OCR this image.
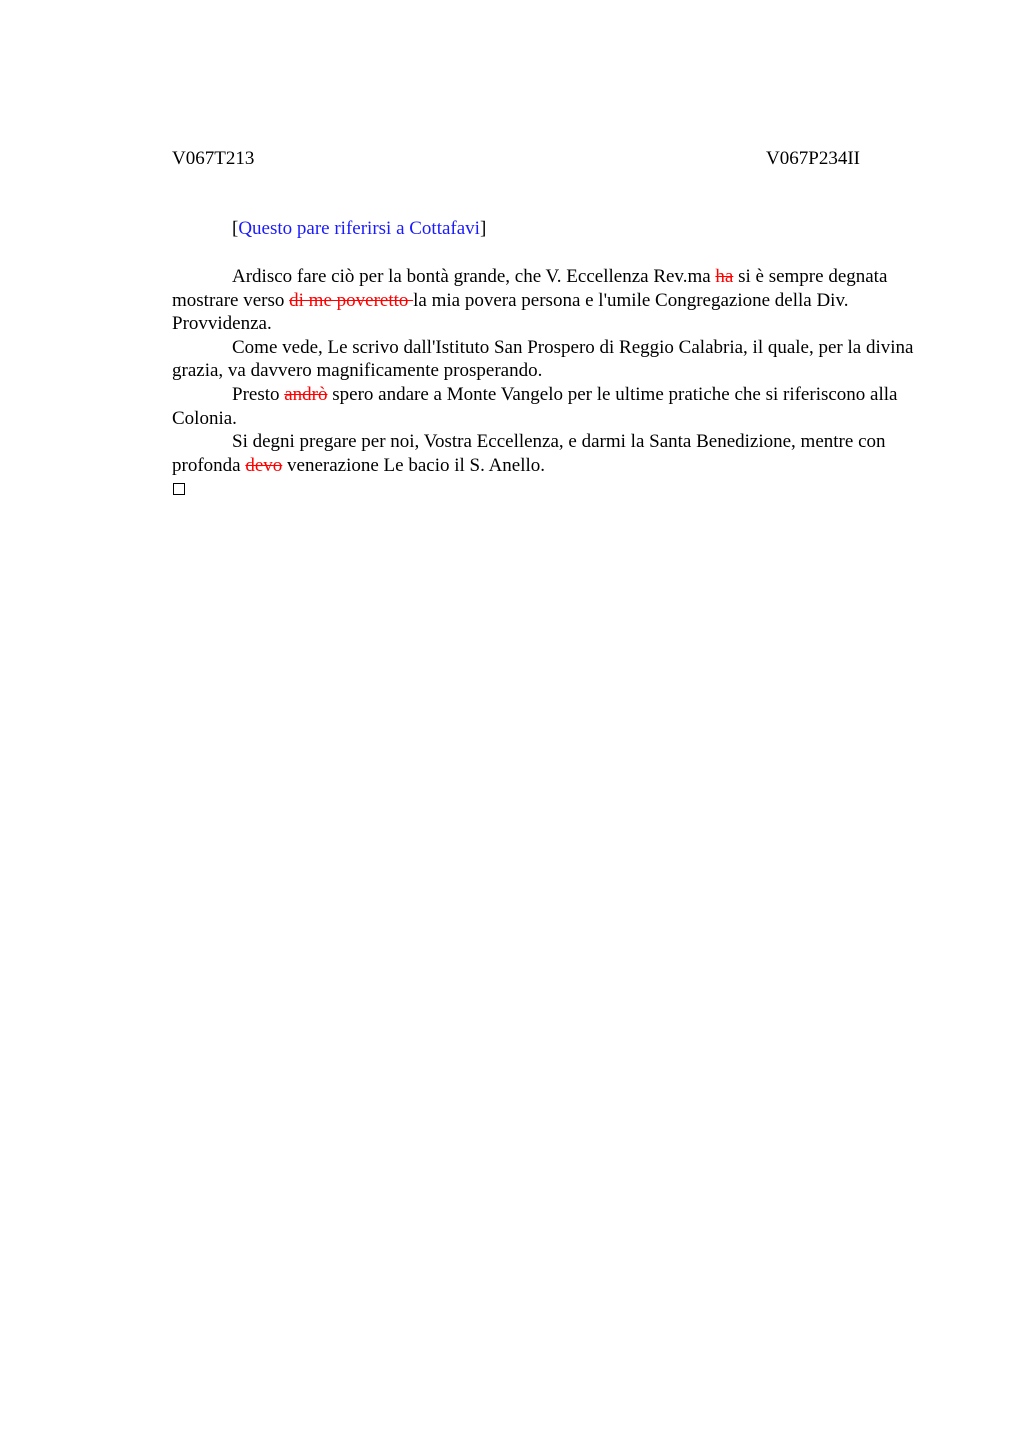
V067T213	V067P234II
[Questo pare riferirsi a Cottafavi]

Ardisco fare ciò per la bontà grande, che V. Eccellenza Rev.ma ha si è sempre degnata mostrare verso di me poveretto la mia povera persona e l'umile Congregazione della Div. Provvidenza.

Come vede, Le scrivo dall'Istituto San Prospero di Reggio Calabria, il quale, per la divina grazia, va davvero magnificamente prosperando.

Presto andrò spero andare a Monte Vangelo per le ultime pratiche che si riferiscono alla Colonia.

Si degni pregare per noi, Vostra Eccellenza, e darmi la Santa Benedizione, mentre con profonda devo venerazione Le bacio il S. Anello.
